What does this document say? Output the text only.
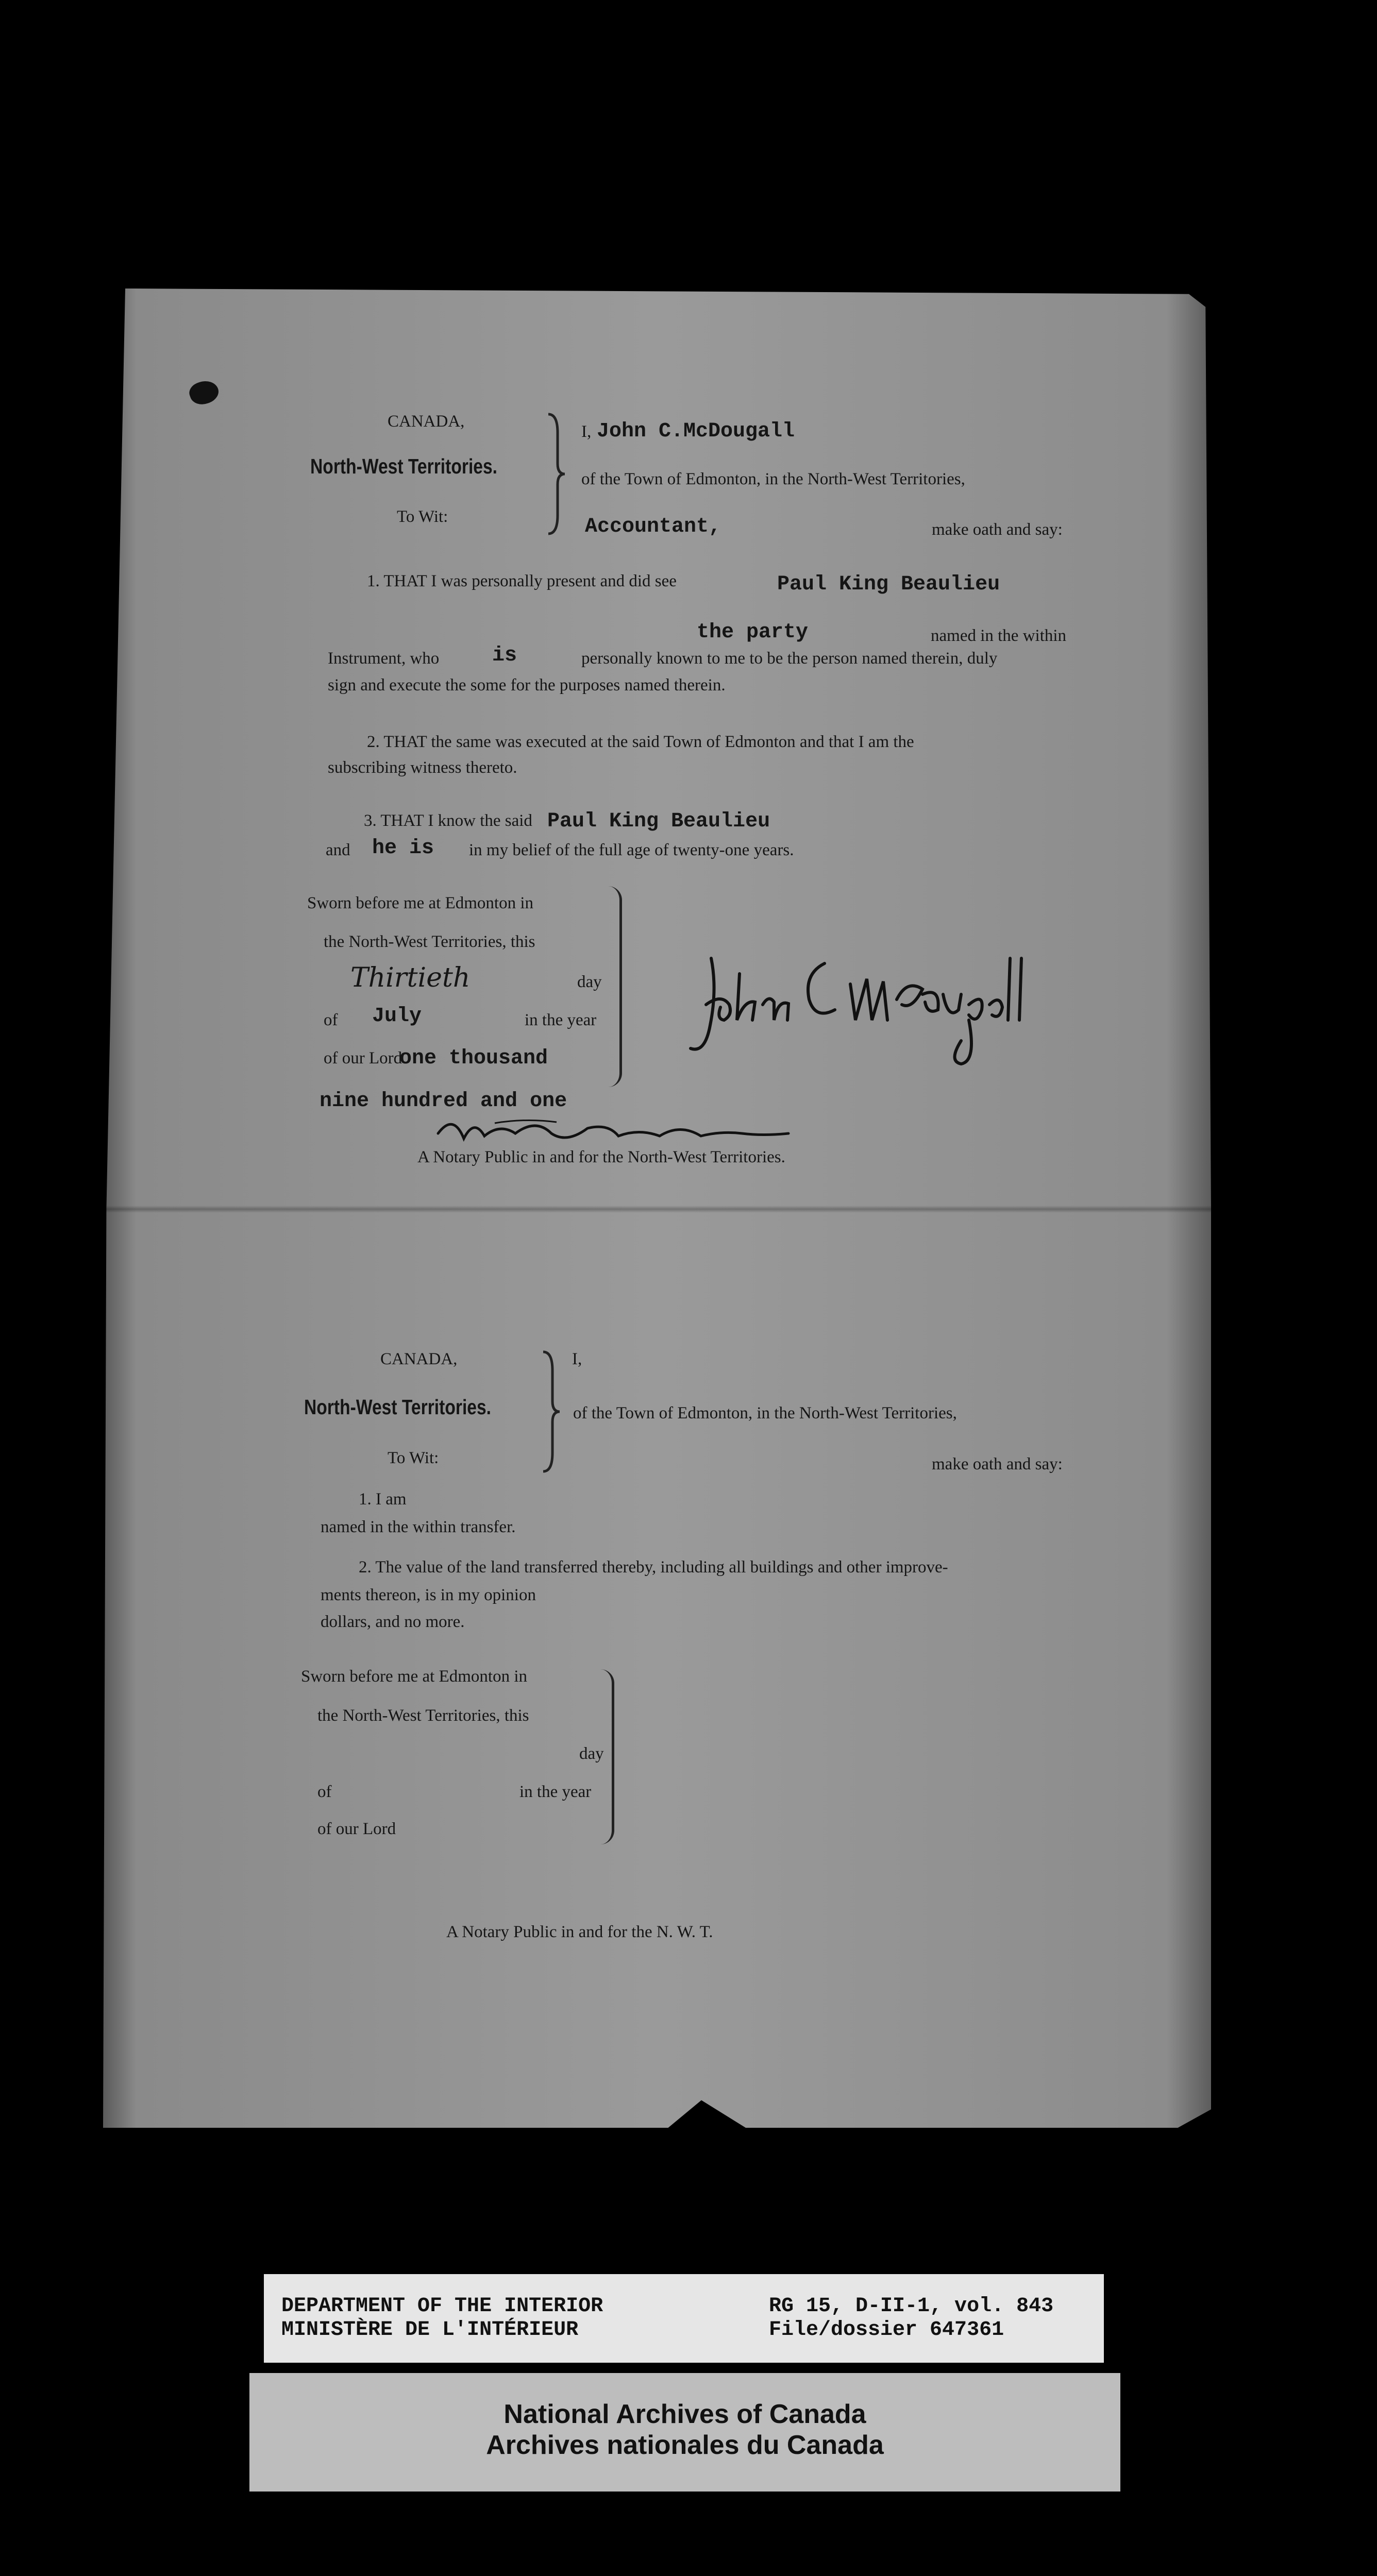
CANADA,
North-West Territories.
To Wit:
I, John C.McDougall
of the Town of Edmonton, in the North-West Territories,
Accountant,	make oath and say:
1. THAT I was personally present and did see	Paul King Beaulieu
the party	named in the within
Instrument, who	is	personally known to me to be the person named therein, duly
sign and execute the some for the purposes named therein.
2. THAT the same was executed at the said Town of Edmonton and that I am the
subscribing witness thereto.
3. THAT I know the said Paul King Beaulieu
and he is in my belief of the full age of twenty-one years.
Sworn before me at Edmonton in
the North-West Territories, this
Thirtieth	day
of July	in the year
of our Lord
one thousand
nine hundred and one
A Notary Public in and for the North-West Territories.
CANADA,
North-West Territories.
To Wit:
I,
of the Town of Edmonton, in the North-West Territories,
make oath and say:
1. I am
named in the within transfer.
2. The value of the land transferred thereby, including all buildings and other improve-
ments thereon, is in my opinion
dollars, and no more.
Sworn before me at Edmonton in
the North-West Territories, this
day
of	in the year
of our Lord
A Notary Public in and for the N. W. T.
DEPARTMENT OF THE INTERIOR
MINISTÈRE DE L'INTÉRIEUR
RG 15, D-II-1, vol. 843
File/dossier 647361
National Archives of Canada
Archives nationales du Canada
